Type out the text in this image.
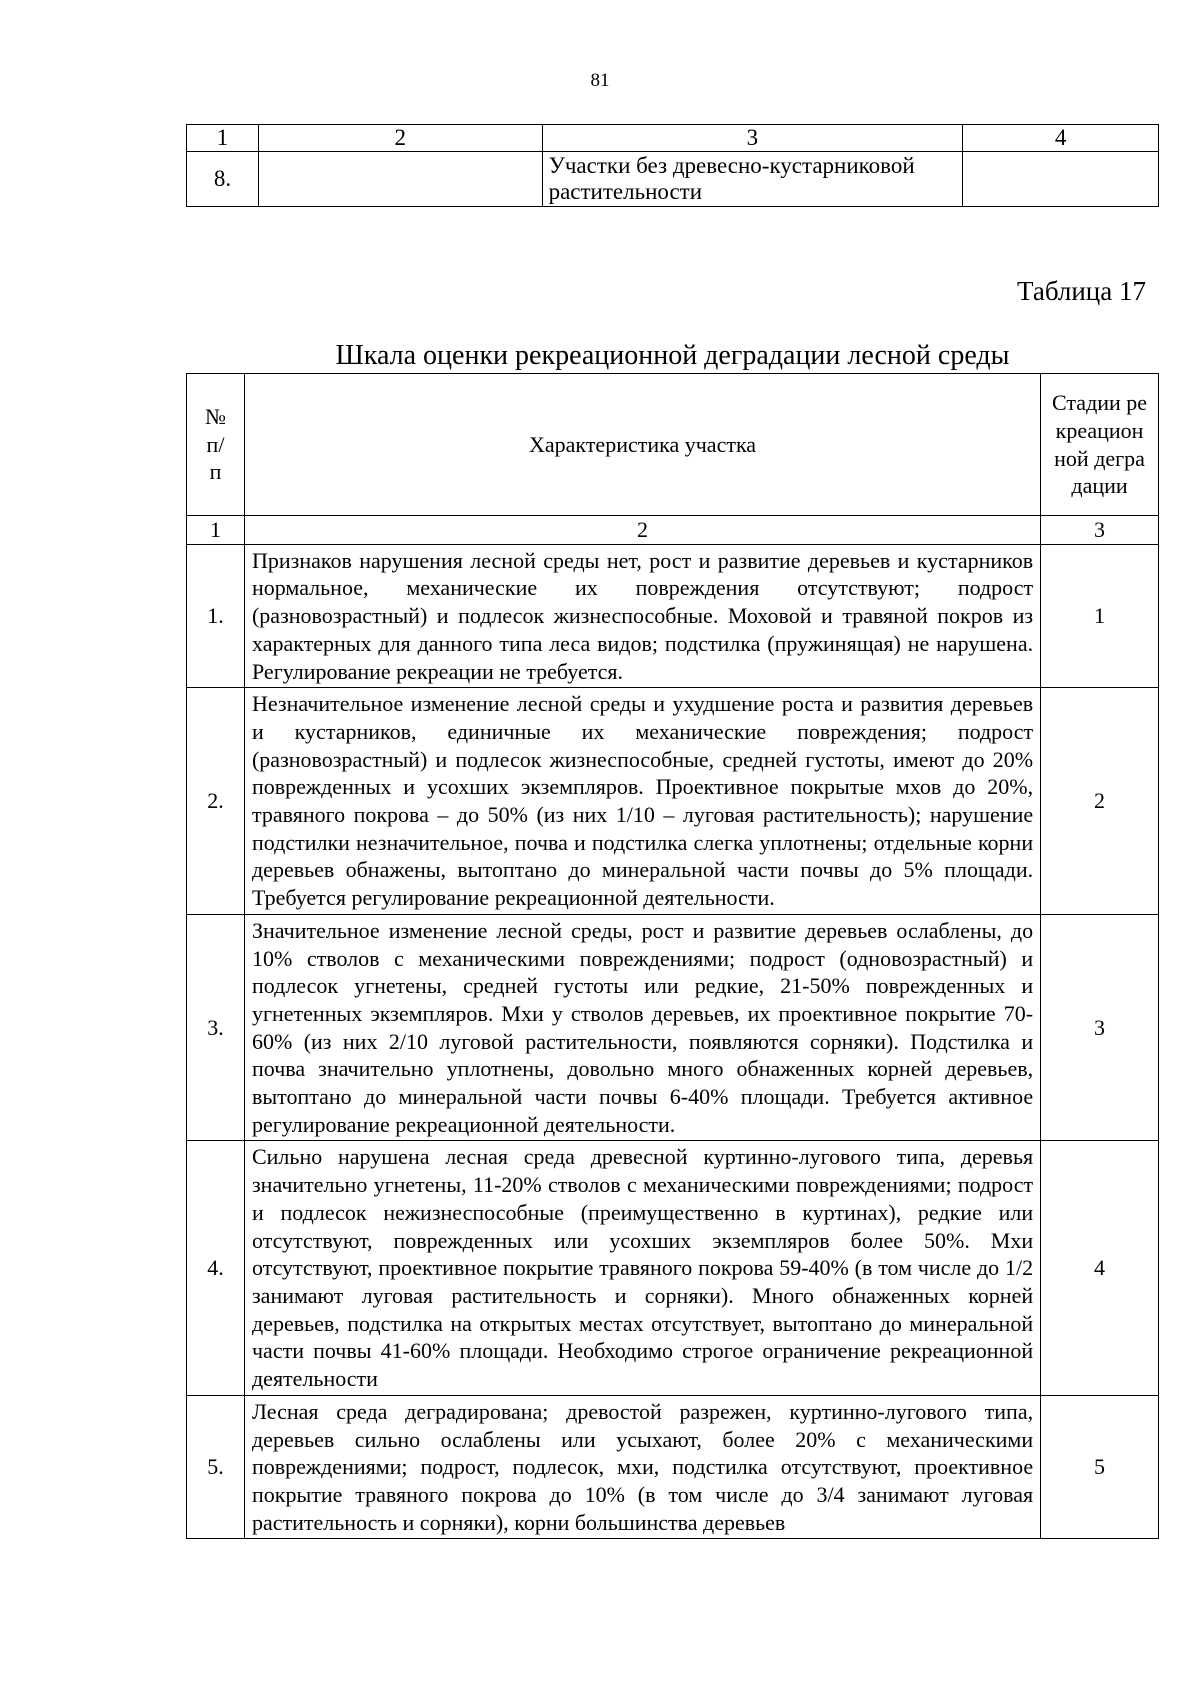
81
1	2	3	4
8.		Участки без древесно-кустарниковой растительности	
Таблица 17
Шкала оценки рекреационной деградации лесной среды
№ п/п	Характеристика участка	Стадии рекреационной деградации
1	2	3
1.	Признаков нарушения лесной среды нет, рост и развитие деревьев и кустарников нормальное, механические их повреждения отсутствуют; подрост (разновозрастный) и подлесок жизнеспособные. Моховой и травяной покров из характерных для данного типа леса видов; подстилка (пружинящая) не нарушена. Регулирование рекреации не требуется.	1
2.	Незначительное изменение лесной среды и ухудшение роста и развития деревьев и кустарников, единичные их механические повреждения; подрост (разновозрастный) и подлесок жизнеспособные, средней густоты, имеют до 20% поврежденных и усохших экземпляров. Проективное покрытые мхов до 20%, травяного покрова – до 50% (из них 1/10 – луговая растительность); нарушение подстилки незначительное, почва и подстилка слегка уплотнены; отдельные корни деревьев обнажены, вытоптано до минеральной части почвы до 5% площади. Требуется регулирование рекреационной деятельности.	2
3.	Значительное изменение лесной среды, рост и развитие деревьев ослаблены, до 10% стволов с механическими повреждениями; подрост (одновозрастный) и подлесок угнетены, средней густоты или редкие, 21-50% поврежденных и угнетенных экземпляров. Мхи у стволов деревьев, их проективное покрытие 70-60% (из них 2/10 луговой растительности, появляются сорняки). Подстилка и почва значительно уплотнены, довольно много обнаженных корней деревьев, вытоптано до минеральной части почвы 6-40% площади. Требуется активное регулирование рекреационной деятельности.	3
4.	Сильно нарушена лесная среда древесной куртинно-лугового типа, деревья значительно угнетены, 11-20% стволов с механическими повреждениями; подрост и подлесок нежизнеспособные (преимущественно в куртинах), редкие или отсутствуют, поврежденных или усохших экземпляров более 50%. Мхи отсутствуют, проективное покрытие травяного покрова 59-40% (в том числе до 1/2 занимают луговая растительность и сорняки). Много обнаженных корней деревьев, подстилка на открытых местах отсутствует, вытоптано до минеральной части почвы 41-60% площади. Необходимо строгое ограничение рекреационной деятельности	4
5.	Лесная среда деградирована; древостой разрежен, куртинно-лугового типа, деревьев сильно ослаблены или усыхают, более 20% с механическими повреждениями; подрост, подлесок, мхи, подстилка отсутствуют, проективное покрытие травяного покрова до 10% (в том числе до 3/4 занимают луговая растительность и сорняки), корни большинства деревьев	5
